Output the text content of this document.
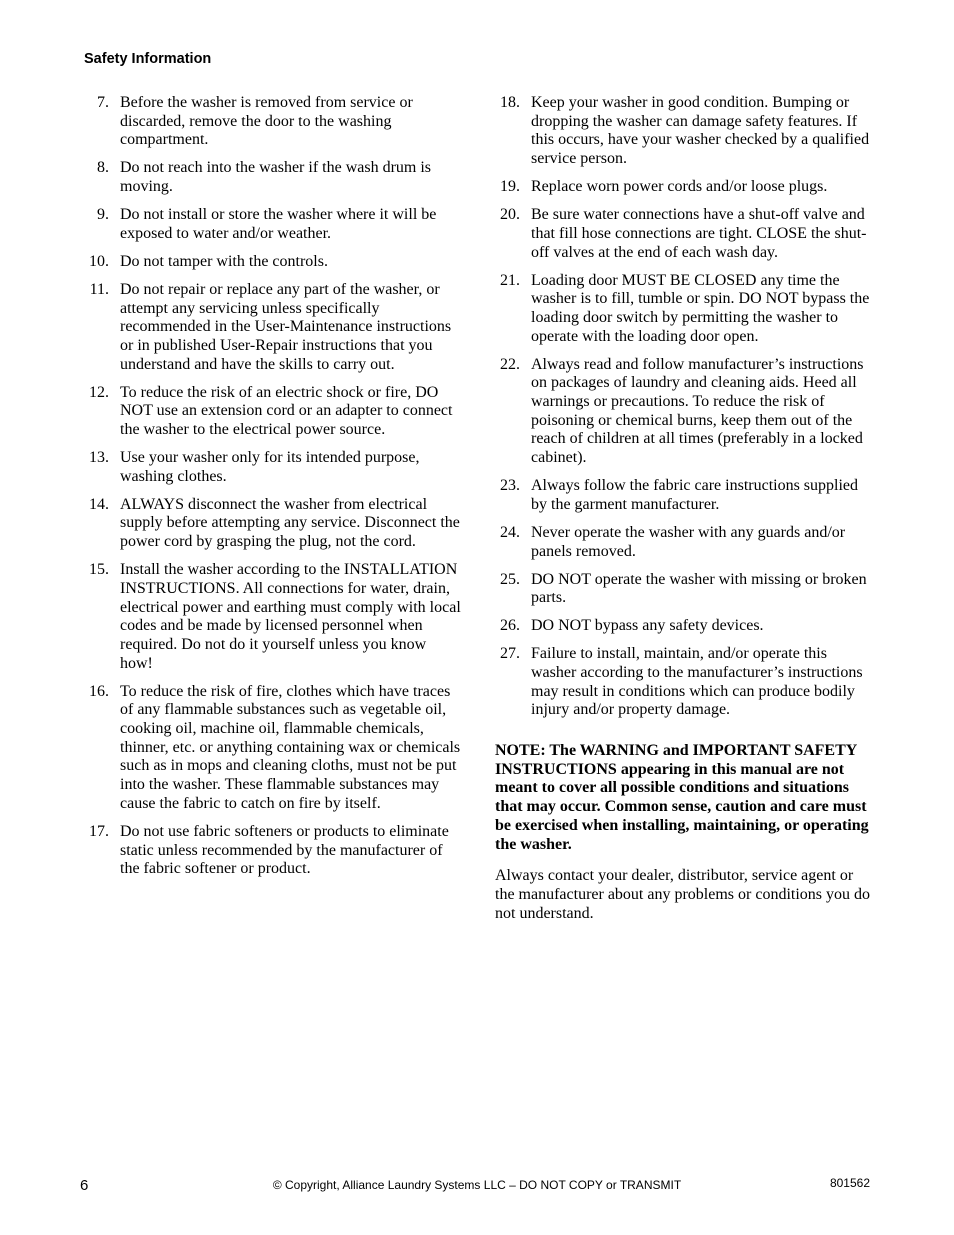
Safety Information
7. Before the washer is removed from service or discarded, remove the door to the washing compartment.
8. Do not reach into the washer if the wash drum is moving.
9. Do not install or store the washer where it will be exposed to water and/or weather.
10. Do not tamper with the controls.
11. Do not repair or replace any part of the washer, or attempt any servicing unless specifically recommended in the User-Maintenance instructions or in published User-Repair instructions that you understand and have the skills to carry out.
12. To reduce the risk of an electric shock or fire, DO NOT use an extension cord or an adapter to connect the washer to the electrical power source.
13. Use your washer only for its intended purpose, washing clothes.
14. ALWAYS disconnect the washer from electrical supply before attempting any service. Disconnect the power cord by grasping the plug, not the cord.
15. Install the washer according to the INSTALLATION INSTRUCTIONS. All connections for water, drain, electrical power and earthing must comply with local codes and be made by licensed personnel when required. Do not do it yourself unless you know how!
16. To reduce the risk of fire, clothes which have traces of any flammable substances such as vegetable oil, cooking oil, machine oil, flammable chemicals, thinner, etc. or anything containing wax or chemicals such as in mops and cleaning cloths, must not be put into the washer. These flammable substances may cause the fabric to catch on fire by itself.
17. Do not use fabric softeners or products to eliminate static unless recommended by the manufacturer of the fabric softener or product.
18. Keep your washer in good condition. Bumping or dropping the washer can damage safety features. If this occurs, have your washer checked by a qualified service person.
19. Replace worn power cords and/or loose plugs.
20. Be sure water connections have a shut-off valve and that fill hose connections are tight. CLOSE the shut-off valves at the end of each wash day.
21. Loading door MUST BE CLOSED any time the washer is to fill, tumble or spin. DO NOT bypass the loading door switch by permitting the washer to operate with the loading door open.
22. Always read and follow manufacturer’s instructions on packages of laundry and cleaning aids. Heed all warnings or precautions. To reduce the risk of poisoning or chemical burns, keep them out of the reach of children at all times (preferably in a locked cabinet).
23. Always follow the fabric care instructions supplied by the garment manufacturer.
24. Never operate the washer with any guards and/or panels removed.
25. DO NOT operate the washer with missing or broken parts.
26. DO NOT bypass any safety devices.
27. Failure to install, maintain, and/or operate this washer according to the manufacturer’s instructions may result in conditions which can produce bodily injury and/or property damage.

NOTE: The WARNING and IMPORTANT SAFETY INSTRUCTIONS appearing in this manual are not meant to cover all possible conditions and situations that may occur. Common sense, caution and care must be exercised when installing, maintaining, or operating the washer.

Always contact your dealer, distributor, service agent or the manufacturer about any problems or conditions you do not understand.

6	© Copyright, Alliance Laundry Systems LLC – DO NOT COPY or TRANSMIT	801562
